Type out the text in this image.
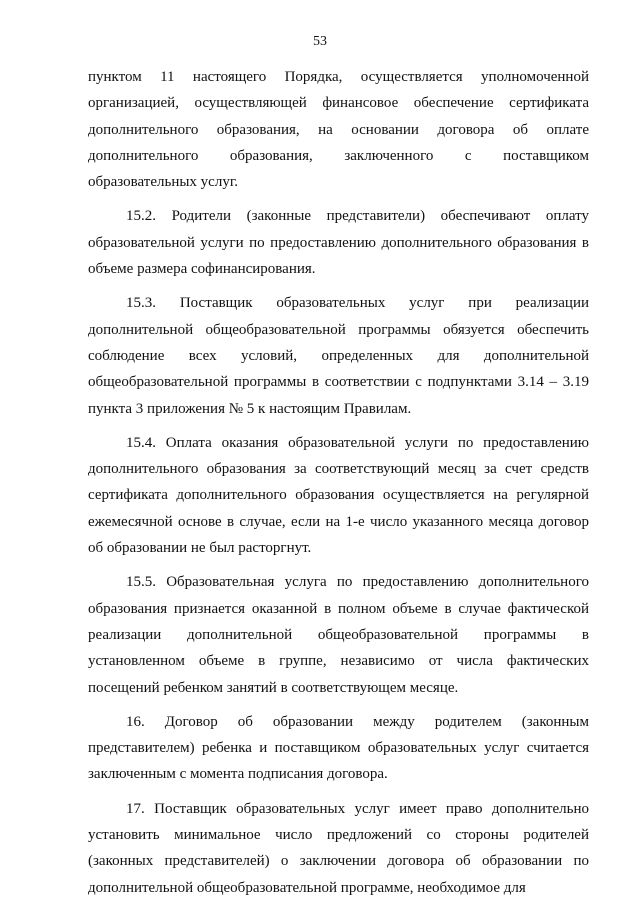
53

пунктом 11 настоящего Порядка, осуществляется уполномоченной организацией, осуществляющей финансовое обеспечение сертификата дополнительного образования, на основании договора об оплате дополнительного образования, заключенного с поставщиком образовательных услуг.

15.2. Родители (законные представители) обеспечивают оплату образовательной услуги по предоставлению дополнительного образования в объеме размера софинансирования.

15.3. Поставщик образовательных услуг при реализации дополнительной общеобразовательной программы обязуется обеспечить соблюдение всех условий, определенных для дополнительной общеобразовательной программы в соответствии с подпунктами 3.14 – 3.19 пункта 3 приложения № 5 к настоящим Правилам.

15.4. Оплата оказания образовательной услуги по предоставлению дополнительного образования за соответствующий месяц за счет средств сертификата дополнительного образования осуществляется на регулярной ежемесячной основе в случае, если на 1-е число указанного месяца договор об образовании не был расторгнут.

15.5. Образовательная услуга по предоставлению дополнительного образования признается оказанной в полном объеме в случае фактической реализации дополнительной общеобразовательной программы в установленном объеме в группе, независимо от числа фактических посещений ребенком занятий в соответствующем месяце.

16. Договор об образовании между родителем (законным представителем) ребенка и поставщиком образовательных услуг считается заключенным с момента подписания договора.

17. Поставщик образовательных услуг имеет право дополнительно установить минимальное число предложений со стороны родителей (законных представителей) о заключении договора об образовании по дополнительной общеобразовательной программе, необходимое для
